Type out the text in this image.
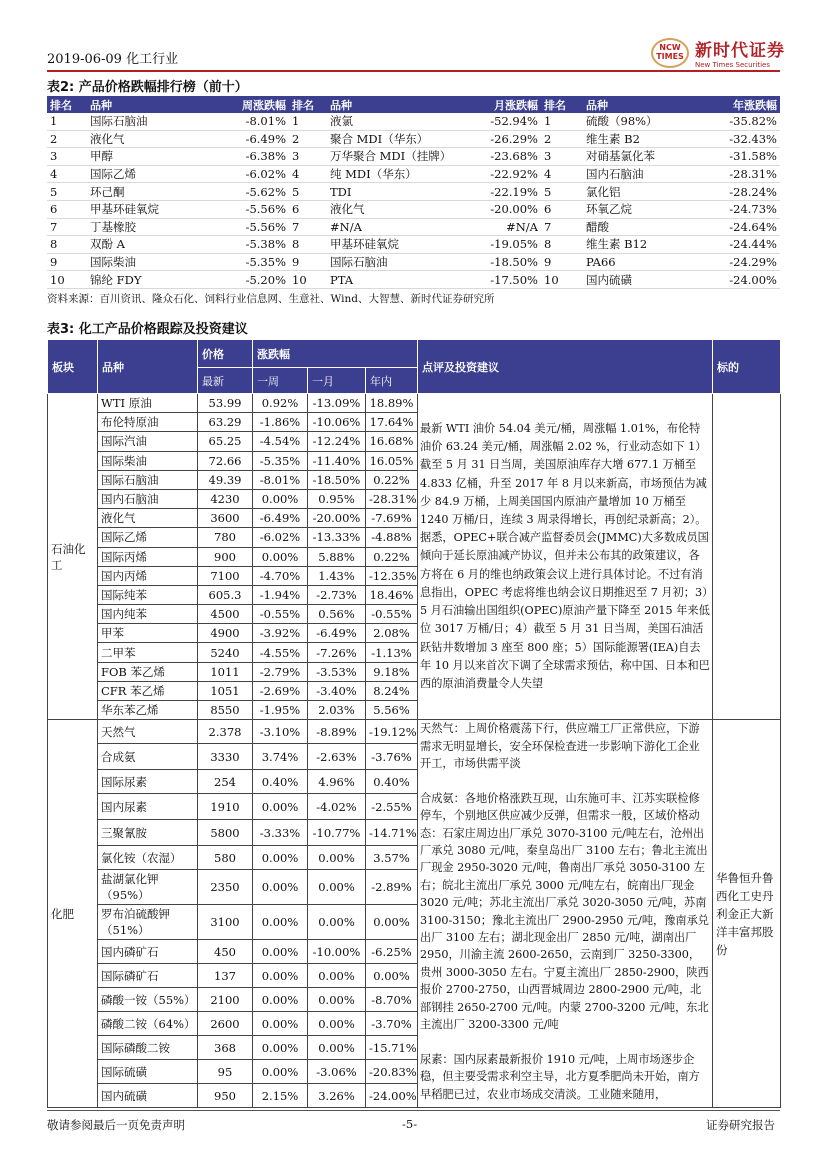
2019-06-09 化工行业
NCW TIMES 新时代证券
New Times Securities
表2: 产品价格跌幅排行榜（前十）
排名	品种	周涨跌幅	排名	品种	月涨跌幅	排名	品种	年涨跌幅
1	国际石脑油	-8.01%	1	液氯	-52.94%	1	硫酸（98%）	-35.82%
2	液化气	-6.49%	2	聚合 MDI（华东）	-26.29%	2	维生素 B2	-32.43%
3	甲醇	-6.38%	3	万华聚合 MDI（挂牌）	-23.68%	3	对硝基氯化苯	-31.58%
4	国际乙烯	-6.02%	4	纯 MDI（华东）	-22.92%	4	国内石脑油	-28.31%
5	环己酮	-5.62%	5	TDI	-22.19%	5	氯化铝	-28.24%
6	甲基环硅氧烷	-5.56%	6	液化气	-20.00%	6	环氧乙烷	-24.73%
7	丁基橡胶	-5.56%	7	#N/A	#N/A	7	醋酸	-24.64%
8	双酚 A	-5.38%	8	甲基环硅氧烷	-19.05%	8	维生素 B12	-24.44%
9	国际柴油	-5.35%	9	国际石脑油	-18.50%	9	PA66	-24.29%
10	锦纶 FDY	-5.20%	10	PTA	-17.50%	10	国内硫磺	-24.00%
资料来源：百川资讯、隆众石化、饲料行业信息网、生意社、Wind、大智慧、新时代证券研究所
表3: 化工产品价格跟踪及投资建议
板块	品种	价格	涨跌幅			点评及投资建议	标的
		最新	一周	一月	年内		
石油化工	WTI 原油	53.99	0.92%	-13.09%	18.89%	最新 WTI 油价 54.04 美元/桶，周涨幅 1.01%，布伦特油价 63.24 美元/桶，周涨幅 2.02 %，行业动态如下 1）截至 5 月 31 日当周，美国原油库存大增 677.1 万桶至 4.833 亿桶，升至 2017 年 8 月以来新高，市场预估为减少 84.9 万桶，上周美国国内原油产量增加 10 万桶至 1240 万桶/日，连续 3 周录得增长，再创纪录新高；2）。据悉，OPEC+联合减产监督委员会(JMMC)大多数成员国倾向于延长原油减产协议，但并未公布其的政策建议，各方将在 6 月的维也纳政策会议上进行具体讨论。不过有消息指出，OPEC 考虑将维也纳会议日期推迟至 7 月初；3）5 月石油输出国组织(OPEC)原油产量下降至 2015 年来低位 3017 万桶/日；4）截至 5 月 31 日当周，美国石油活跃钻井数增加 3 座至 800 座；5）国际能源署(IEA)自去年 10 月以来首次下调了全球需求预估，称中国、日本和巴西的原油消费量令人失望	
	布伦特原油	63.29	-1.86%	-10.06%	17.64%		
	国际汽油	65.25	-4.54%	-12.24%	16.68%		
	国际柴油	72.66	-5.35%	-11.40%	16.05%		
	国际石脑油	49.39	-8.01%	-18.50%	0.22%		
	国内石脑油	4230	0.00%	0.95%	-28.31%		
	液化气	3600	-6.49%	-20.00%	-7.69%		
	国际乙烯	780	-6.02%	-13.33%	-4.88%		
	国际丙烯	900	0.00%	5.88%	0.22%		
	国内丙烯	7100	-4.70%	1.43%	-12.35%		
	国际纯苯	605.3	-1.94%	-2.73%	18.46%		
	国内纯苯	4500	-0.55%	0.56%	-0.55%		
	甲苯	4900	-3.92%	-6.49%	2.08%		
	二甲苯	5240	-4.55%	-7.26%	-1.13%		
	FOB 苯乙烯	1011	-2.79%	-3.53%	9.18%		
	CFR 苯乙烯	1051	-2.69%	-3.40%	8.24%		
	华东苯乙烯	8550	-1.95%	2.03%	5.56%		
化肥	天然气	2.378	-3.10%	-8.89%	-19.12%	天然气：上周价格震荡下行，供应端工厂正常供应，下游需求无明显增长，安全环保检查进一步影响下游化工企业开工，市场供需平淡

合成氨：各地价格涨跌互现，山东施可丰、江苏实联检修停车，个别地区供应减少反弹，但需求一般，区域价格动态：石家庄周边出厂承兑 3070-3100 元/吨左右，沧州出厂承兑 3080 元/吨，秦皇岛出厂 3100 左右；鲁北主流出厂现金 2950-3020 元/吨，鲁南出厂承兑 3050-3100 左右；皖北主流出厂承兑 3000 元/吨左右，皖南出厂现金 3020 元/吨；苏北主流出厂承兑 3020-3050 元/吨，苏南 3100-3150；豫北主流出厂 2900-2950 元/吨，豫南承兑出厂 3100 左右；湖北现金出厂 2850 元/吨，湖南出厂 2950，川渝主流 2600-2650，云南到厂 3250-3300，贵州 3000-3050 左右。宁夏主流出厂 2850-2900，陕西报价 2700-2750，山西晋城周边 2800-2900 元/吨，北部钢挂 2650-2700 元/吨。内蒙 2700-3200 元/吨，东北主流出厂 3200-3300 元/吨

尿素：国内尿素最新报价 1910 元/吨，上周市场逐步企稳，但主要受需求利空主导，北方夏季肥尚未开始，南方早稻肥已过，农业市场成交清淡。工业随来随用，	华鲁恒升鲁西化工史丹利金正大新洋丰富邦股份
	合成氨	3330	3.74%	-2.63%	-3.76%		
	国际尿素	254	0.40%	4.96%	0.40%		
	国内尿素	1910	0.00%	-4.02%	-2.55%		
	三聚氰胺	5800	-3.33%	-10.77%	-14.71%		
	氯化铵（农湿）	580	0.00%	0.00%	3.57%		
	盐湖氯化钾（95%）	2350	0.00%	0.00%	-2.89%		
	罗布泊硫酸钾（51%）	3100	0.00%	0.00%	0.00%		
	国内磷矿石	450	0.00%	-10.00%	-6.25%		
	国际磷矿石	137	0.00%	0.00%	0.00%		
	磷酸一铵（55%）	2100	0.00%	0.00%	-8.70%		
	磷酸二铵（64%）	2600	0.00%	0.00%	-3.70%		
	国际磷酸二铵	368	0.00%	0.00%	-15.71%		
	国际硫磺	95	0.00%	-3.06%	-20.83%		
	国内硫磺	950	2.15%	3.26%	-24.00%		
敬请参阅最后一页免责声明	-5-	证券研究报告
